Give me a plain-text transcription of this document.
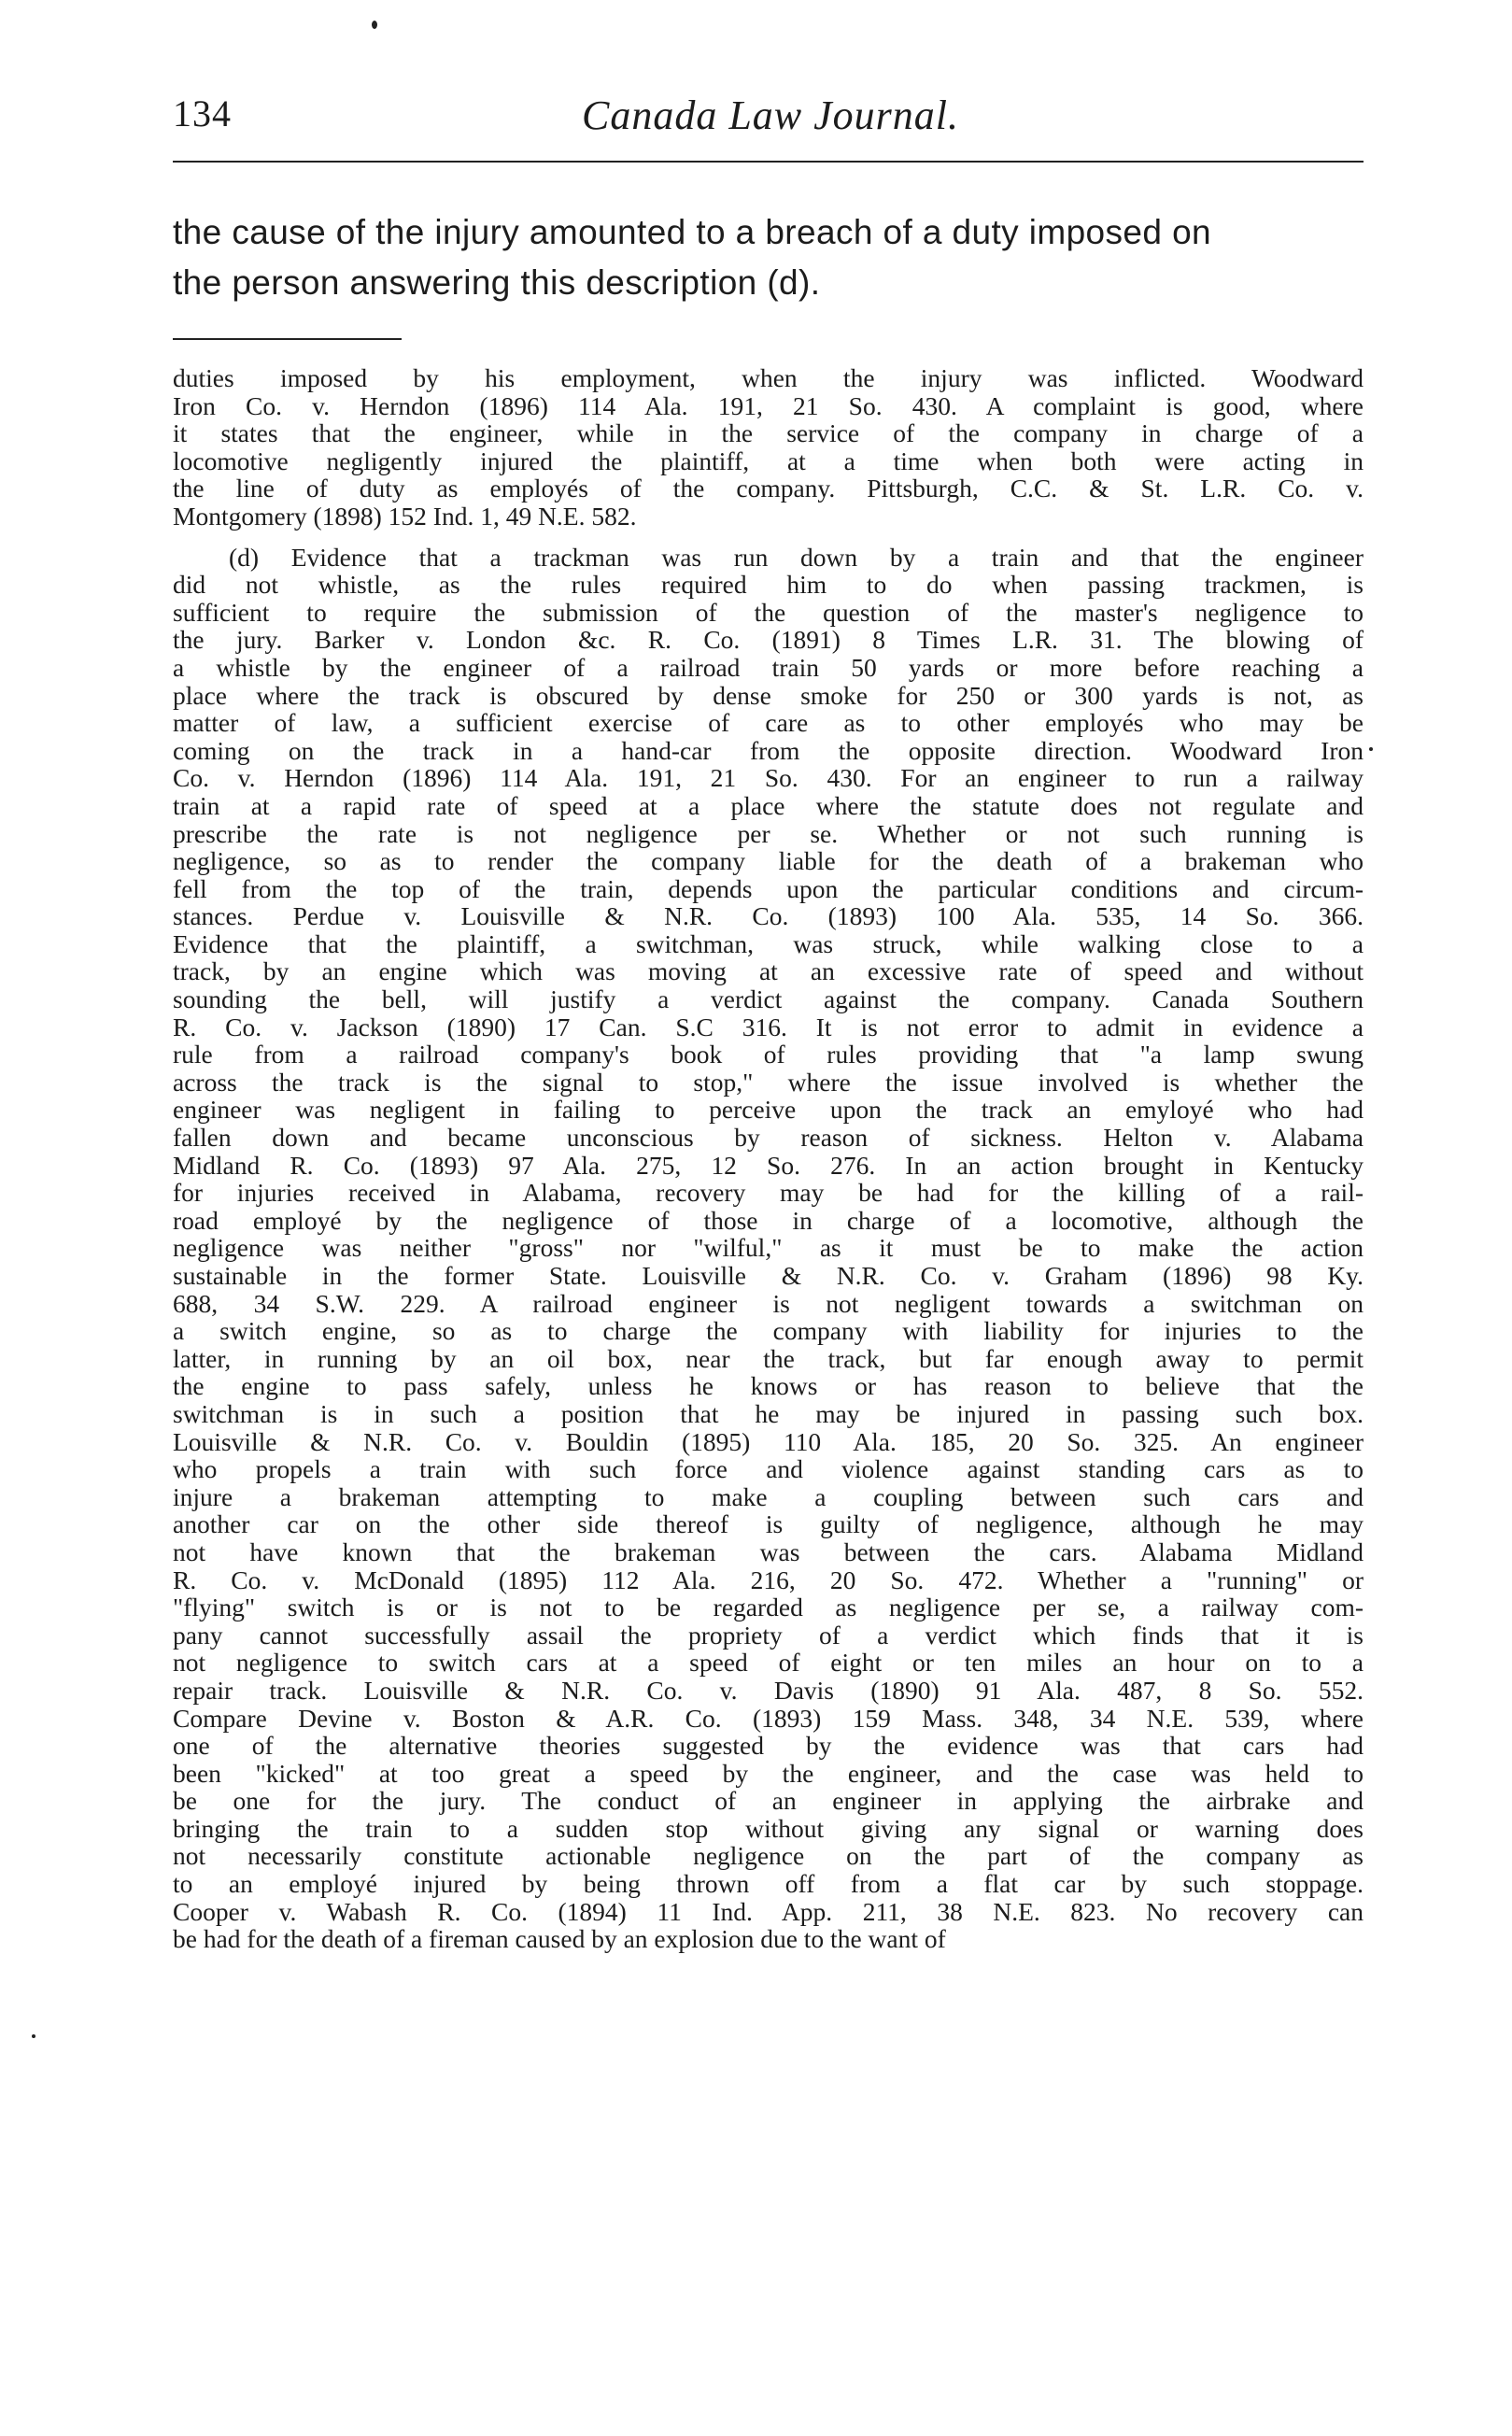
134	Canada Law Journal.
the cause of the injury amounted to a breach of a duty imposed on
the person answering this description (d).
duties imposed by his employment, when the injury was inflicted. Woodward
Iron Co. v. Herndon (1896) 114 Ala. 191, 21 So. 430. A complaint is good, where
it states that the engineer, while in the service of the company in charge of a
locomotive negligently injured the plaintiff, at a time when both were acting in
the line of duty as employés of the company. Pittsburgh, C.C. & St. L.R. Co. v.
Montgomery (1898) 152 Ind. 1, 49 N.E. 582.
(d) Evidence that a trackman was run down by a train and that the engineer
did not whistle, as the rules required him to do when passing trackmen, is
sufficient to require the submission of the question of the master's negligence to
the jury. Barker v. London &c. R. Co. (1891) 8 Times L.R. 31. The blowing of
a whistle by the engineer of a railroad train 50 yards or more before reaching a
place where the track is obscured by dense smoke for 250 or 300 yards is not, as
matter of law, a sufficient exercise of care as to other employés who may be
coming on the track in a hand-car from the opposite direction. Woodward Iron
Co. v. Herndon (1896) 114 Ala. 191, 21 So. 430. For an engineer to run a railway
train at a rapid rate of speed at a place where the statute does not regulate and
prescribe the rate is not negligence per se. Whether or not such running is
negligence, so as to render the company liable for the death of a brakeman who
fell from the top of the train, depends upon the particular conditions and circum-
stances. Perdue v. Louisville & N.R. Co. (1893) 100 Ala. 535, 14 So. 366.
Evidence that the plaintiff, a switchman, was struck, while walking close to a
track, by an engine which was moving at an excessive rate of speed and without
sounding the bell, will justify a verdict against the company. Canada Southern
R. Co. v. Jackson (1890) 17 Can. S.C 316. It is not error to admit in evidence a
rule from a railroad company's book of rules providing that "a lamp swung
across the track is the signal to stop," where the issue involved is whether the
engineer was negligent in failing to perceive upon the track an emyloyé who had
fallen down and became unconscious by reason of sickness. Helton v. Alabama
Midland R. Co. (1893) 97 Ala. 275, 12 So. 276. In an action brought in Kentucky
for injuries received in Alabama, recovery may be had for the killing of a rail-
road employé by the negligence of those in charge of a locomotive, although the
negligence was neither "gross" nor "wilful," as it must be to make the action
sustainable in the former State. Louisville & N.R. Co. v. Graham (1896) 98 Ky.
688, 34 S.W. 229. A railroad engineer is not negligent towards a switchman on
a switch engine, so as to charge the company with liability for injuries to the
latter, in running by an oil box, near the track, but far enough away to permit
the engine to pass safely, unless he knows or has reason to believe that the
switchman is in such a position that he may be injured in passing such box.
Louisville & N.R. Co. v. Bouldin (1895) 110 Ala. 185, 20 So. 325. An engineer
who propels a train with such force and violence against standing cars as to
injure a brakeman attempting to make a coupling between such cars and
another car on the other side thereof is guilty of negligence, although he may
not have known that the brakeman was between the cars. Alabama Midland
R. Co. v. McDonald (1895) 112 Ala. 216, 20 So. 472. Whether a "running" or
"flying" switch is or is not to be regarded as negligence per se, a railway com-
pany cannot successfully assail the propriety of a verdict which finds that it is
not negligence to switch cars at a speed of eight or ten miles an hour on to a
repair track. Louisville & N.R. Co. v. Davis (1890) 91 Ala. 487, 8 So. 552.
Compare Devine v. Boston & A.R. Co. (1893) 159 Mass. 348, 34 N.E. 539, where
one of the alternative theories suggested by the evidence was that cars had
been "kicked" at too great a speed by the engineer, and the case was held to
be one for the jury. The conduct of an engineer in applying the airbrake and
bringing the train to a sudden stop without giving any signal or warning does
not necessarily constitute actionable negligence on the part of the company as
to an employé injured by being thrown off from a flat car by such stoppage.
Cooper v. Wabash R. Co. (1894) 11 Ind. App. 211, 38 N.E. 823. No recovery can
be had for the death of a fireman caused by an explosion due to the want of
